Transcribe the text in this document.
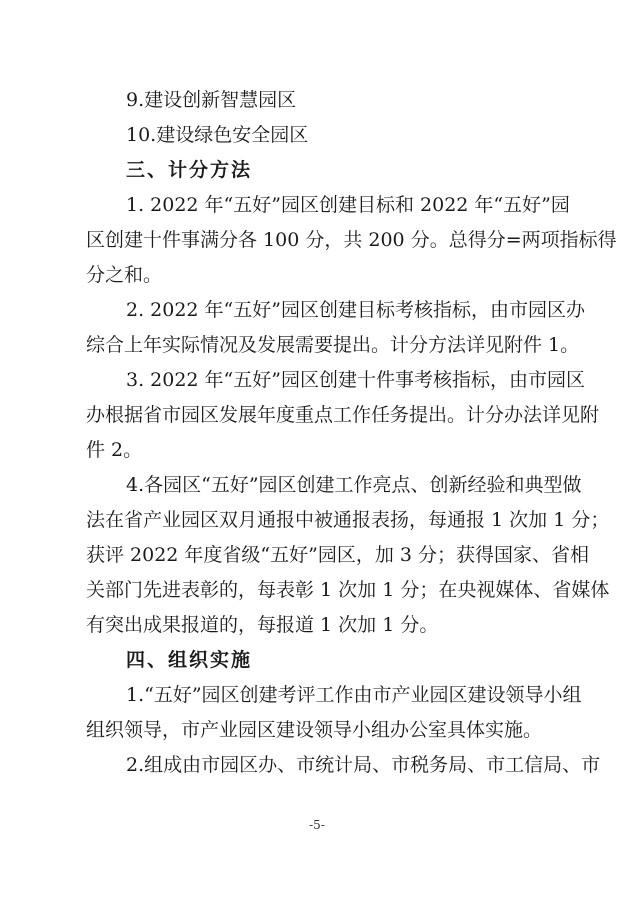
9.建设创新智慧园区
10.建设绿色安全园区
三、计分方法
1. 2022 年“五好”园区创建目标和 2022 年“五好”园
区创建十件事满分各 100 分，共 200 分。总得分=两项指标得
分之和。
2. 2022 年“五好”园区创建目标考核指标，由市园区办
综合上年实际情况及发展需要提出。计分方法详见附件 1。
3. 2022 年“五好”园区创建十件事考核指标，由市园区
办根据省市园区发展年度重点工作任务提出。计分办法详见附
件 2。
4.各园区“五好”园区创建工作亮点、创新经验和典型做
法在省产业园区双月通报中被通报表扬，每通报 1 次加 1 分；
获评 2022 年度省级“五好”园区，加 3 分；获得国家、省相
关部门先进表彰的，每表彰 1 次加 1 分；在央视媒体、省媒体
有突出成果报道的，每报道 1 次加 1 分。
四、组织实施
1.“五好”园区创建考评工作由市产业园区建设领导小组
组织领导，市产业园区建设领导小组办公室具体实施。
2.组成由市园区办、市统计局、市税务局、市工信局、市
-5-
